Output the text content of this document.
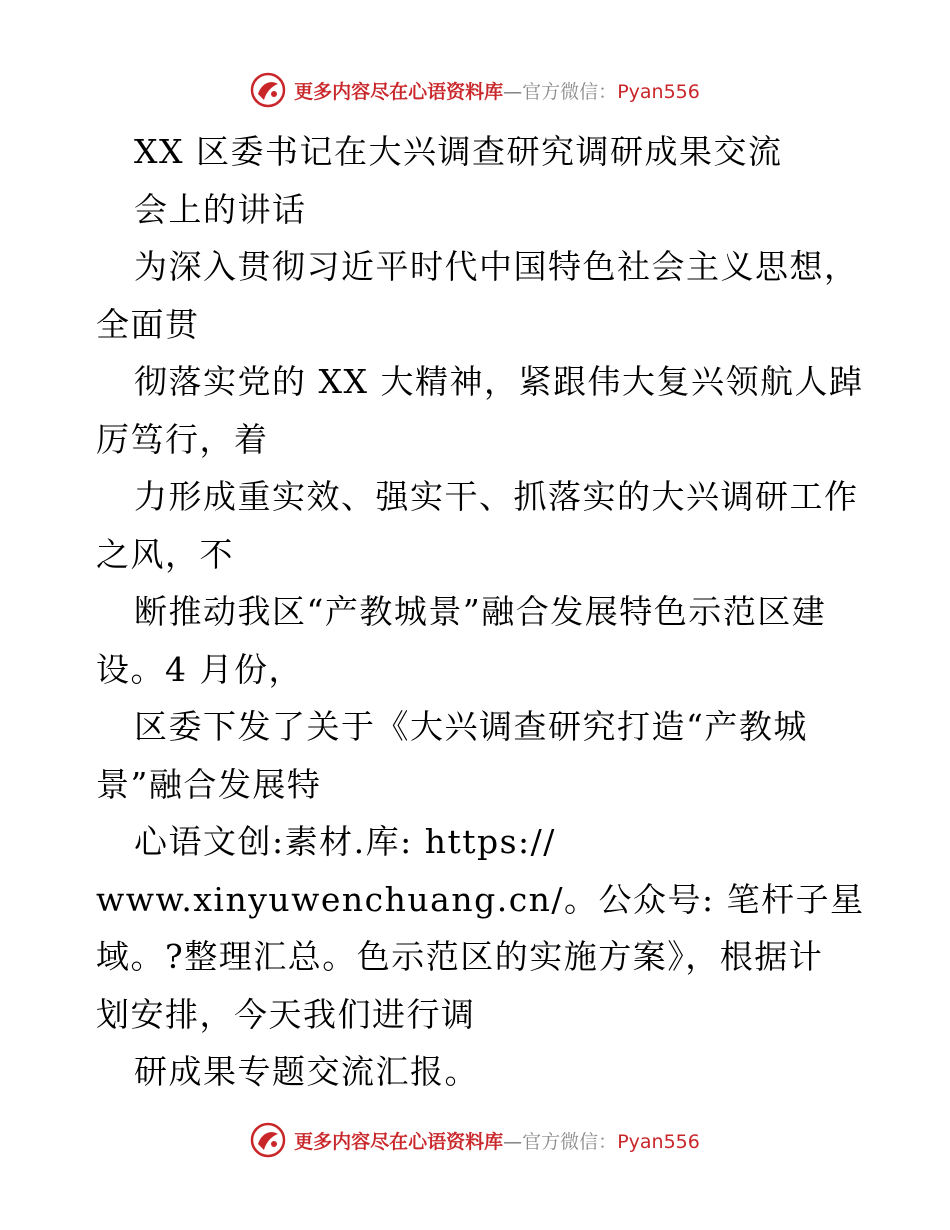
更多内容尽在心语资料库—官方微信：Pyan556
XX 区委书记在大兴调查研究调研成果交流
会上的讲话
为深入贯彻习近平时代中国特色社会主义思想，
全面贯
彻落实党的 XX 大精神，紧跟伟大复兴领航人踔
厉笃行，着
力形成重实效、强实干、抓落实的大兴调研工作
之风，不
断推动我区“产教城景”融合发展特色示范区建
设。4 月份，
区委下发了关于《大兴调查研究打造“产教城
景”融合发展特
心语文创:素材.库: https://
www.xinyuwenchuang.cn/。公众号: 笔杆子星
域。?整理汇总。色示范区的实施方案》，根据计
划安排，今天我们进行调
研成果专题交流汇报。
更多内容尽在心语资料库—官方微信：Pyan556
